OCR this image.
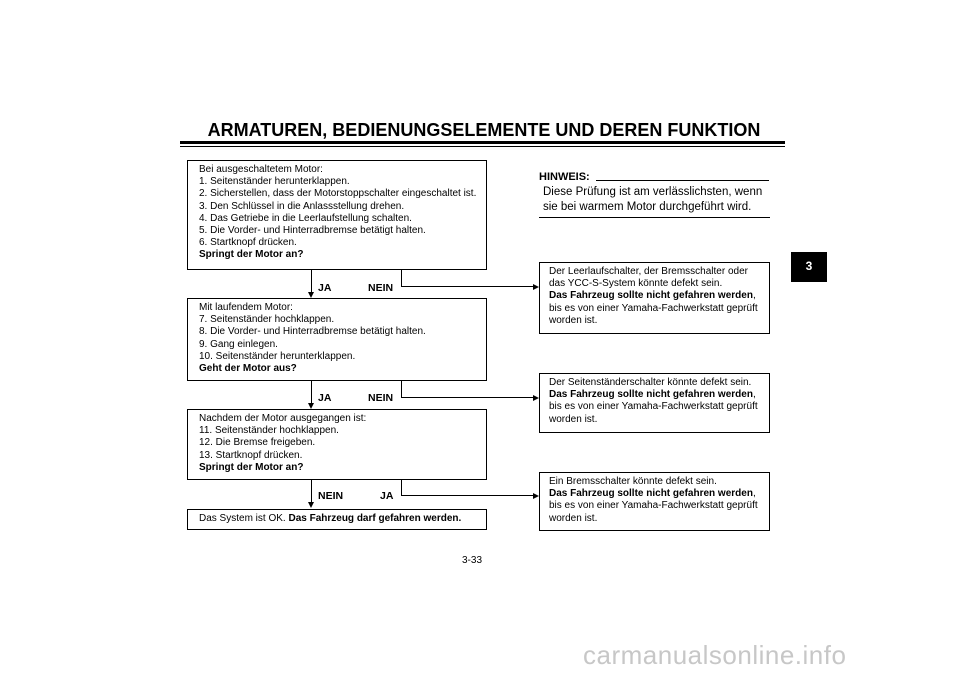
ARMATUREN, BEDIENUNGSELEMENTE UND DEREN FUNKTION
3
Bei ausgeschaltetem Motor:
1. Seitenständer herunterklappen.
2. Sicherstellen, dass der Motorstoppschalter eingeschaltet ist.
3. Den Schlüssel in die Anlassstellung drehen.
4. Das Getriebe in die Leerlaufstellung schalten.
5. Die Vorder- und Hinterradbremse betätigt halten.
6. Startknopf drücken.
Springt der Motor an?
JA	NEIN
Mit laufendem Motor:
7. Seitenständer hochklappen.
8. Die Vorder- und Hinterradbremse betätigt halten.
9. Gang einlegen.
10. Seitenständer herunterklappen.
Geht der Motor aus?
JA	NEIN
Nachdem der Motor ausgegangen ist:
11. Seitenständer hochklappen.
12. Die Bremse freigeben.
13. Startknopf drücken.
Springt der Motor an?
NEIN	JA
Das System ist OK. Das Fahrzeug darf gefahren werden.
HINWEIS:
Diese Prüfung ist am verlässlichsten, wenn
sie bei warmem Motor durchgeführt wird.
Der Leerlaufschalter, der Bremsschalter oder
das YCC-S-System könnte defekt sein.
Das Fahrzeug sollte nicht gefahren werden,
bis es von einer Yamaha-Fachwerkstatt geprüft
worden ist.
Der Seitenständerschalter könnte defekt sein.
Das Fahrzeug sollte nicht gefahren werden,
bis es von einer Yamaha-Fachwerkstatt geprüft
worden ist.
Ein Bremsschalter könnte defekt sein.
Das Fahrzeug sollte nicht gefahren werden,
bis es von einer Yamaha-Fachwerkstatt geprüft
worden ist.
3-33
carmanualsonline.info
